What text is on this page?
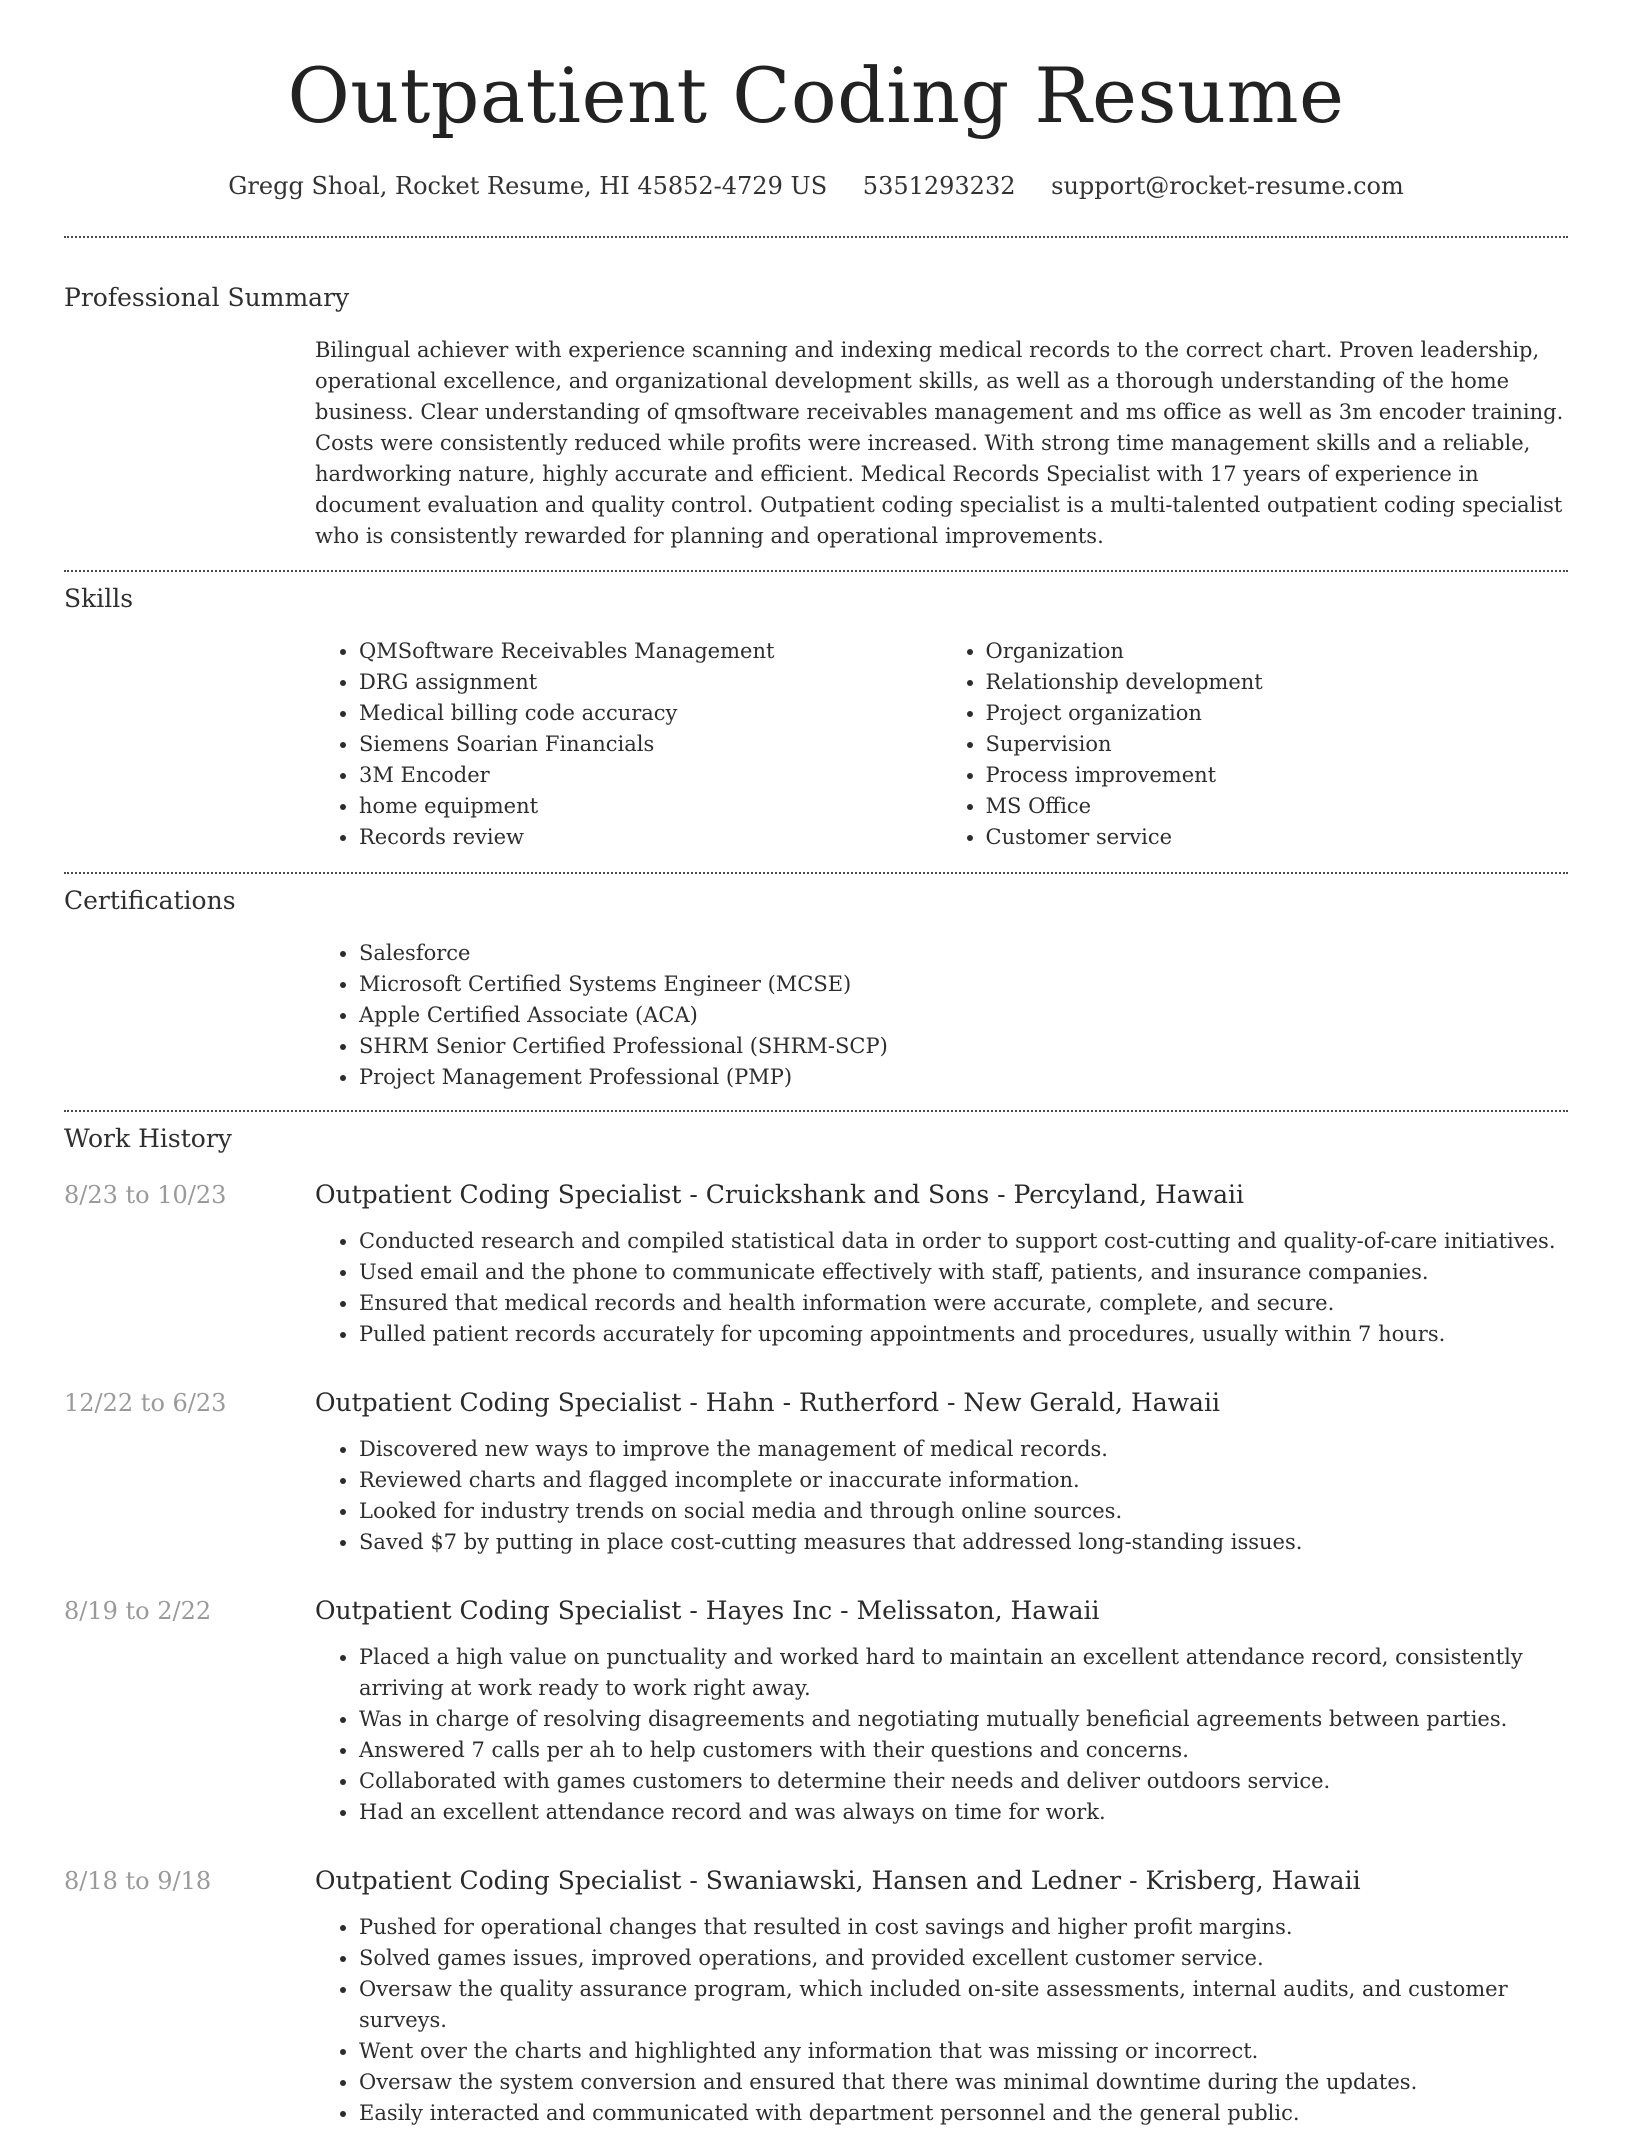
Outpatient Coding Resume
Gregg Shoal, Rocket Resume, HI 45852-4729 US 5351293232 support@rocket-resume.com
Professional Summary
Bilingual achiever with experience scanning and indexing medical records to the correct chart. Proven leadership, operational excellence, and organizational development skills, as well as a thorough understanding of the home business. Clear understanding of qmsoftware receivables management and ms office as well as 3m encoder training. Costs were consistently reduced while profits were increased. With strong time management skills and a reliable, hardworking nature, highly accurate and efficient. Medical Records Specialist with 17 years of experience in document evaluation and quality control. Outpatient coding specialist is a multi-talented outpatient coding specialist who is consistently rewarded for planning and operational improvements.
Skills
• QMSoftware Receivables Management
• DRG assignment
• Medical billing code accuracy
• Siemens Soarian Financials
• 3M Encoder
• home equipment
• Records review
• Organization
• Relationship development
• Project organization
• Supervision
• Process improvement
• MS Office
• Customer service
Certifications
• Salesforce
• Microsoft Certified Systems Engineer (MCSE)
• Apple Certified Associate (ACA)
• SHRM Senior Certified Professional (SHRM-SCP)
• Project Management Professional (PMP)
Work History
8/23 to 10/23	Outpatient Coding Specialist - Cruickshank and Sons - Percyland, Hawaii
• Conducted research and compiled statistical data in order to support cost-cutting and quality-of-care initiatives.
• Used email and the phone to communicate effectively with staff, patients, and insurance companies.
• Ensured that medical records and health information were accurate, complete, and secure.
• Pulled patient records accurately for upcoming appointments and procedures, usually within 7 hours.
12/22 to 6/23	Outpatient Coding Specialist - Hahn - Rutherford - New Gerald, Hawaii
• Discovered new ways to improve the management of medical records.
• Reviewed charts and flagged incomplete or inaccurate information.
• Looked for industry trends on social media and through online sources.
• Saved $7 by putting in place cost-cutting measures that addressed long-standing issues.
8/19 to 2/22	Outpatient Coding Specialist - Hayes Inc - Melissaton, Hawaii
• Placed a high value on punctuality and worked hard to maintain an excellent attendance record, consistently arriving at work ready to work right away.
• Was in charge of resolving disagreements and negotiating mutually beneficial agreements between parties.
• Answered 7 calls per ah to help customers with their questions and concerns.
• Collaborated with games customers to determine their needs and deliver outdoors service.
• Had an excellent attendance record and was always on time for work.
8/18 to 9/18	Outpatient Coding Specialist - Swaniawski, Hansen and Ledner - Krisberg, Hawaii
• Pushed for operational changes that resulted in cost savings and higher profit margins.
• Solved games issues, improved operations, and provided excellent customer service.
• Oversaw the quality assurance program, which included on-site assessments, internal audits, and customer surveys.
• Went over the charts and highlighted any information that was missing or incorrect.
• Oversaw the system conversion and ensured that there was minimal downtime during the updates.
• Easily interacted and communicated with department personnel and the general public.
